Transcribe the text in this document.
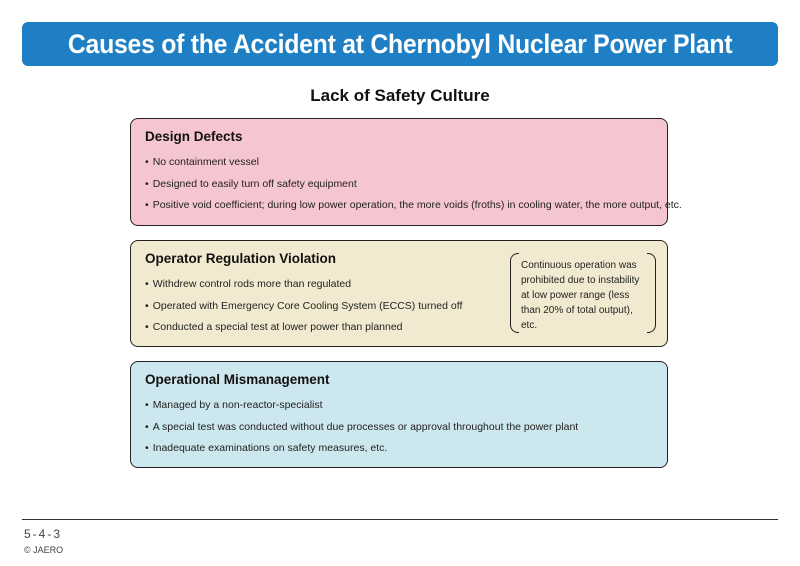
Causes of the Accident at Chernobyl Nuclear Power Plant
Lack of Safety Culture
Design Defects
• No containment vessel
• Designed to easily turn off safety equipment
• Positive void coefficient; during low power operation, the more voids (froths) in cooling water, the more output, etc.
Operator Regulation Violation
• Withdrew control rods more than regulated
• Operated with Emergency Core Cooling System (ECCS) turned off
• Conducted a special test at lower power than planned

Continuous operation was prohibited due to instability at low power range (less than 20% of total output), etc.

Operational Mismanagement
• Managed by a non-reactor-specialist
• A special test was conducted without due processes or approval throughout the power plant
• Inadequate examinations on safety measures, etc.
5-4-3
© JAERO
